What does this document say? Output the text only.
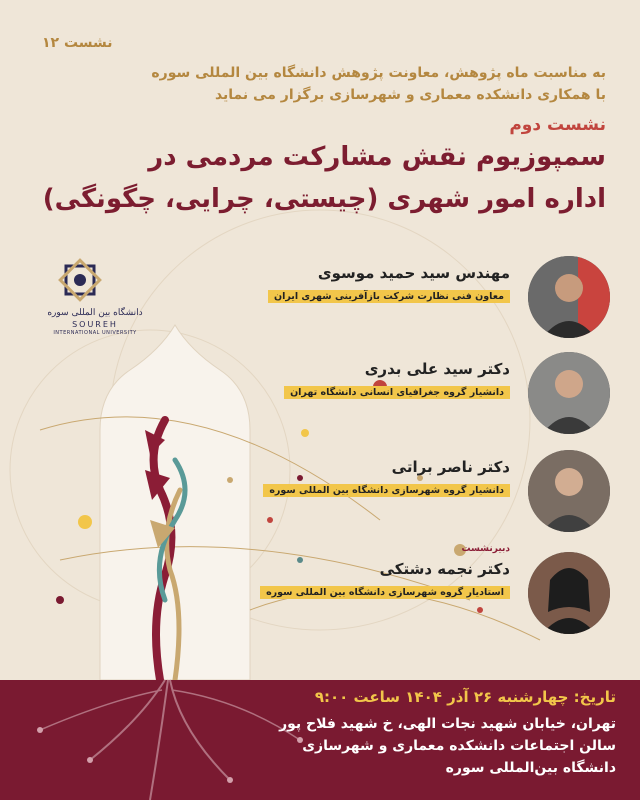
نشست ۱۲
به مناسبت ماه پژوهش، معاونت پژوهش دانشگاه بین المللی سوره
با همکاری دانشکده معماری و شهرسازی برگزار می نماید
نشست دوم
سمپوزیوم نقش مشارکت مردمی در
اداره امور شهری (چیستی، چرایی، چگونگی)
دانشگاه بین المللی سوره
SOUREH
INTERNATIONAL UNIVERSITY
مهندس سید حمید موسوی
معاون فنی نظارت شرکت بازآفرینی شهری ایران
دکتر سید علی بدری
دانشیار گروه جغرافیای انسانی دانشگاه تهران
دکتر ناصر براتی
دانشیار گروه شهرسازی دانشگاه بین المللی سوره
دبیرنشست
دکتر نجمه دشتکی
استادیار گروه شهرسازی دانشگاه بین المللی سوره
تاریخ: چهارشنبه ۲۶ آذر ۱۴۰۴ ساعت ۹:۰۰
تهران، خیابان شهید نجات الهی، خ شهید فلاح پور
سالن اجتماعات دانشکده معماری و شهرسازی
دانشگاه بین‌المللی سوره
